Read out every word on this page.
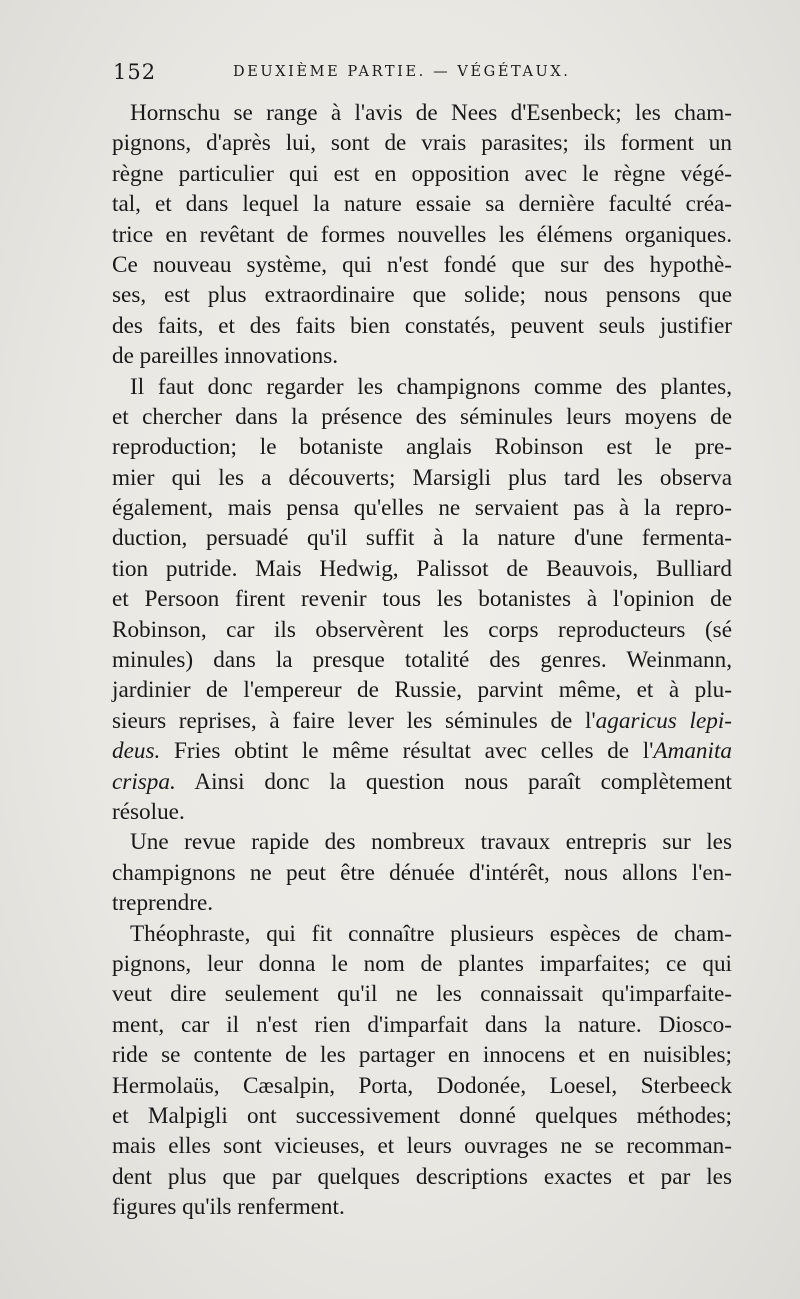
152	DEUXIÈME PARTIE. — VÉGÉTAUX.
Hornschu se range à l'avis de Nees d'Esenbeck; les cham-
pignons, d'après lui, sont de vrais parasites; ils forment un
règne particulier qui est en opposition avec le règne végé-
tal, et dans lequel la nature essaie sa dernière faculté créa-
trice en revêtant de formes nouvelles les élémens organiques.
Ce nouveau système, qui n'est fondé que sur des hypothè-
ses, est plus extraordinaire que solide; nous pensons que
des faits, et des faits bien constatés, peuvent seuls justifier
de pareilles innovations.
Il faut donc regarder les champignons comme des plantes,
et chercher dans la présence des séminules leurs moyens de
reproduction; le botaniste anglais Robinson est le pre-
mier qui les a découverts; Marsigli plus tard les observa
également, mais pensa qu'elles ne servaient pas à la repro-
duction, persuadé qu'il suffit à la nature d'une fermenta-
tion putride. Mais Hedwig, Palissot de Beauvois, Bulliard
et Persoon firent revenir tous les botanistes à l'opinion de
Robinson, car ils observèrent les corps reproducteurs (sé
minules) dans la presque totalité des genres. Weinmann,
jardinier de l'empereur de Russie, parvint même, et à plu-
sieurs reprises, à faire lever les séminules de l'agaricus lepi-
deus. Fries obtint le même résultat avec celles de l'Amanita
crispa. Ainsi donc la question nous paraît complètement
résolue.
Une revue rapide des nombreux travaux entrepris sur les
champignons ne peut être dénuée d'intérêt, nous allons l'en-
treprendre.
Théophraste, qui fit connaître plusieurs espèces de cham-
pignons, leur donna le nom de plantes imparfaites; ce qui
veut dire seulement qu'il ne les connaissait qu'imparfaite-
ment, car il n'est rien d'imparfait dans la nature. Diosco-
ride se contente de les partager en innocens et en nuisibles;
Hermolaüs, Cæsalpin, Porta, Dodonée, Loesel, Sterbeeck
et Malpigli ont successivement donné quelques méthodes;
mais elles sont vicieuses, et leurs ouvrages ne se recomman-
dent plus que par quelques descriptions exactes et par les
figures qu'ils renferment.
